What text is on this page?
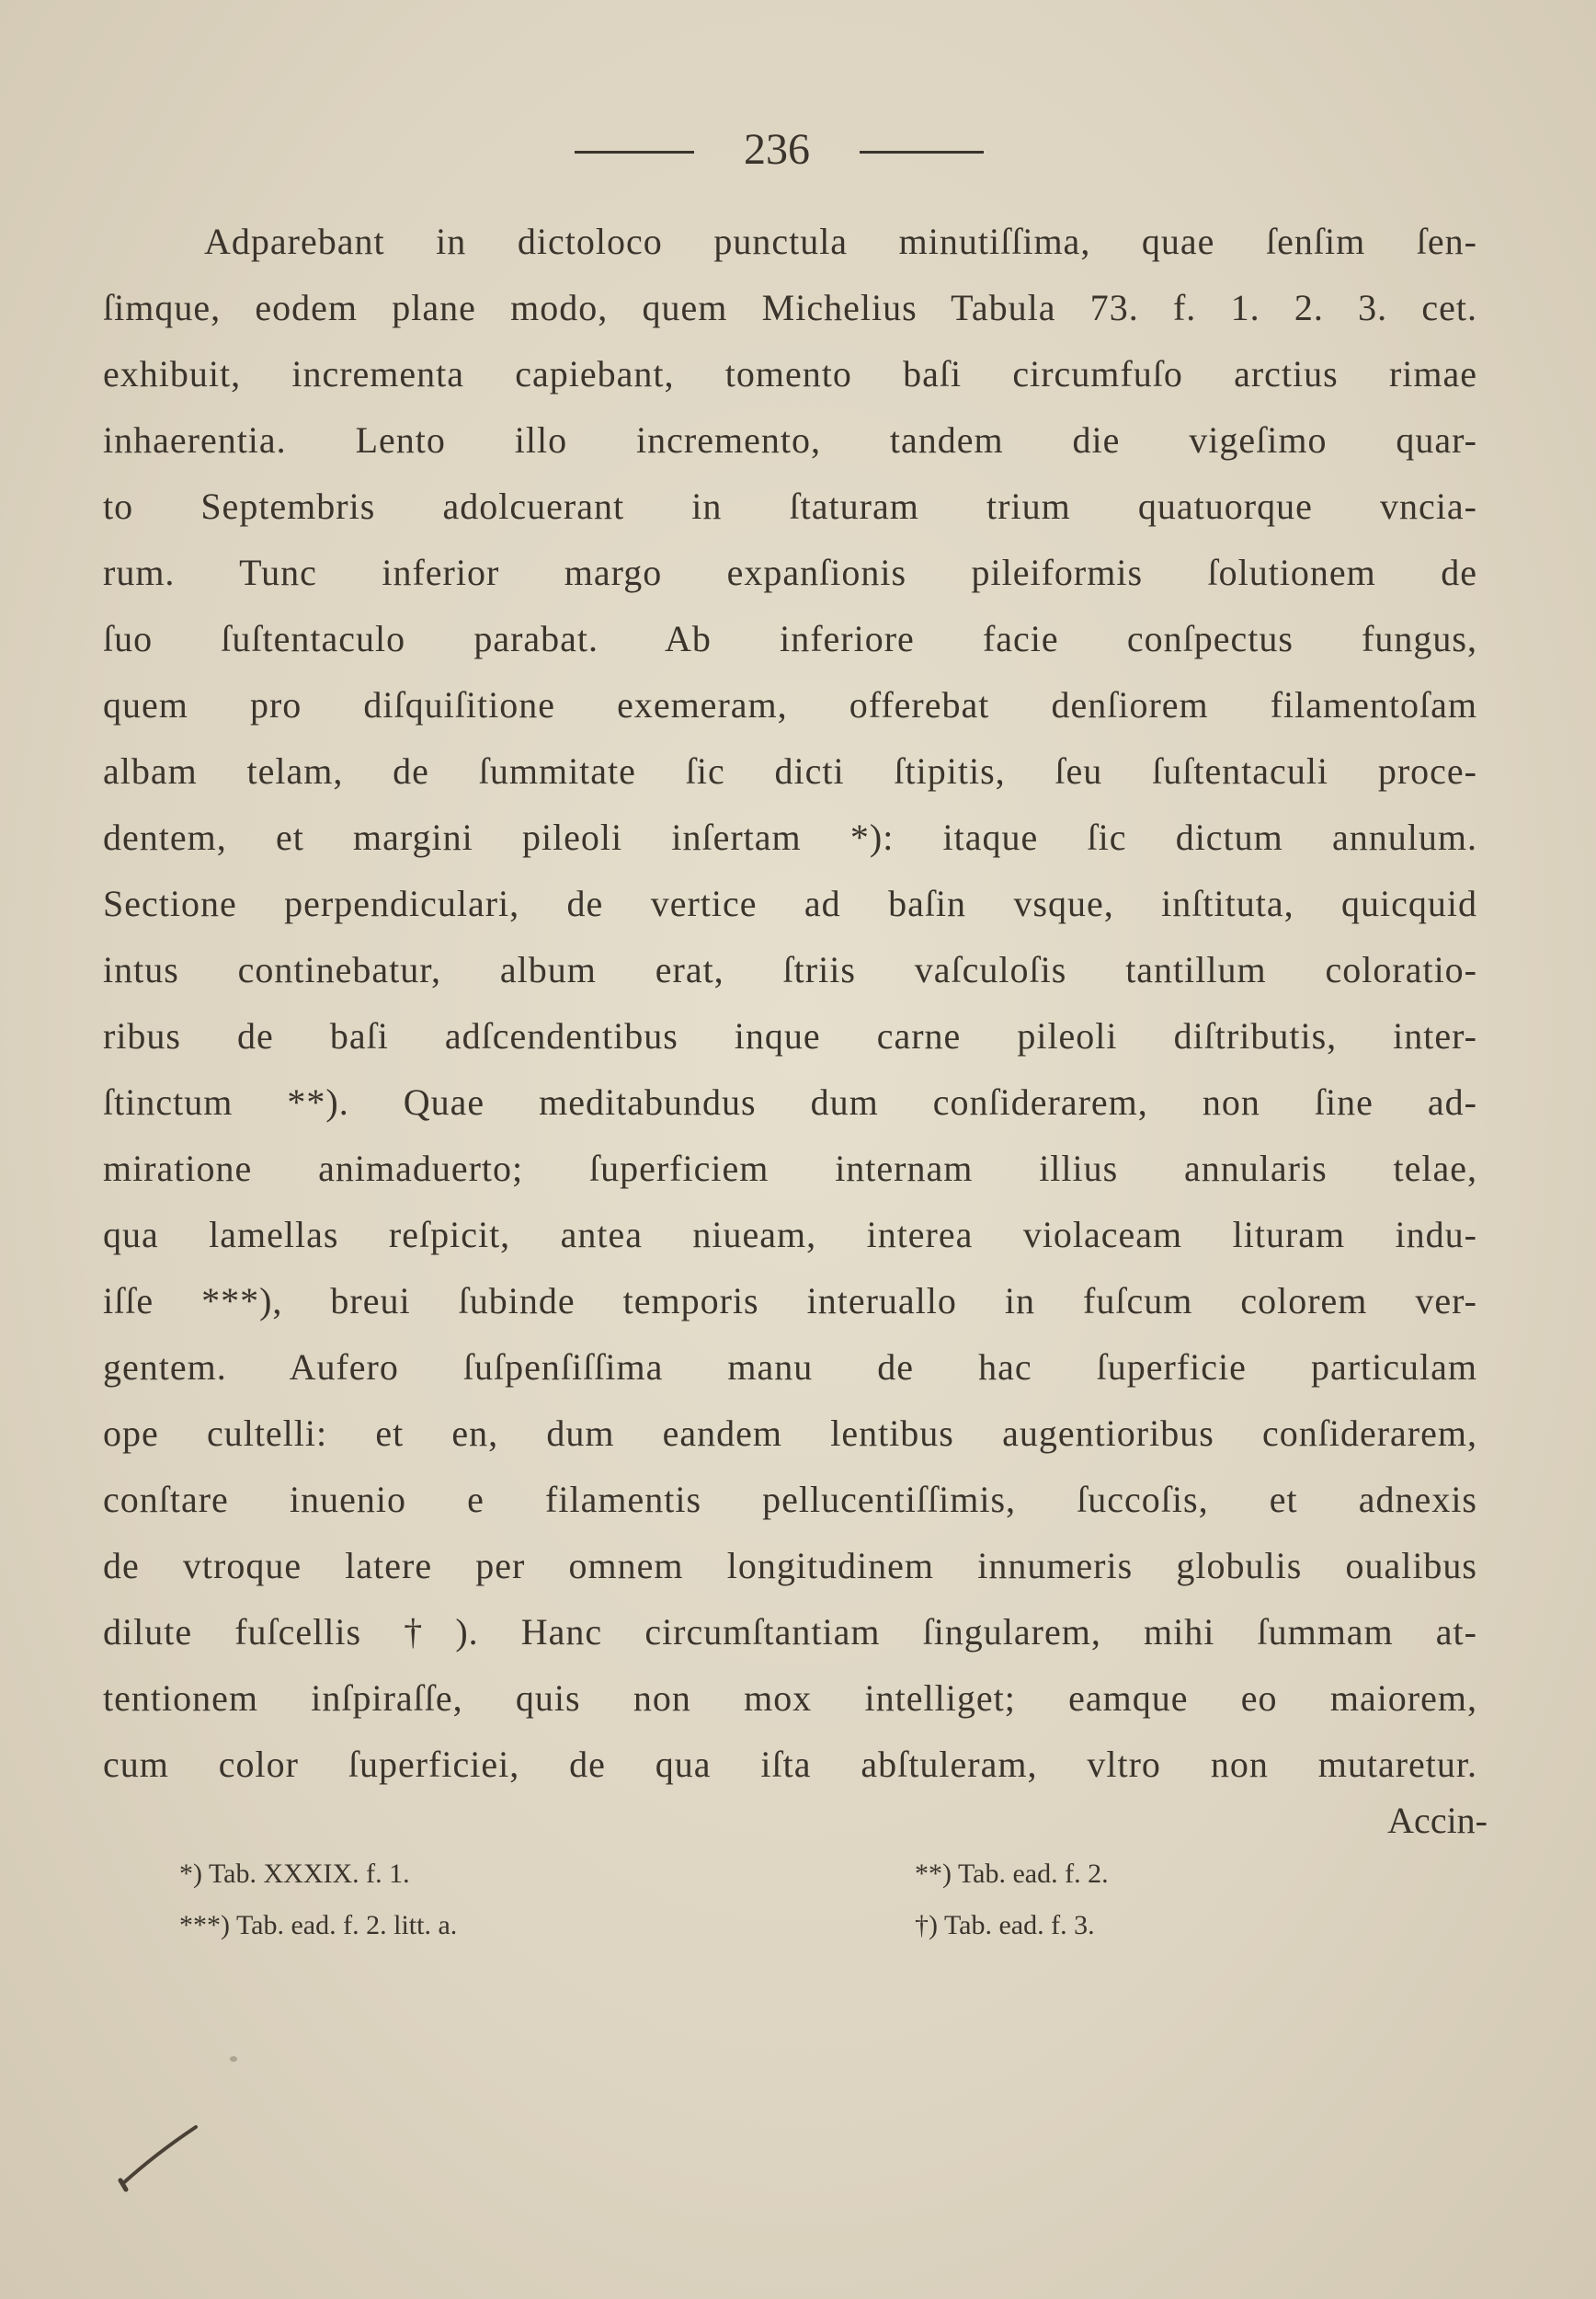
236
Adparebant in dictoloco punctula minutiſſima, quae ſenſim ſen-
ſimque, eodem plane modo, quem Michelius Tabula 73. f. 1. 2. 3. cet.
exhibuit, incrementa capiebant, tomento baſi circumfuſo arctius rimae
inhaerentia. Lento illo incremento, tandem die vigeſimo quar-
to Septembris adolcuerant in ſtaturam trium quatuorque vncia-
rum. Tunc inferior margo expanſionis pileiformis ſolutionem de
ſuo ſuſtentaculo parabat. Ab inferiore facie conſpectus fungus,
quem pro diſquiſitione exemeram, offerebat denſiorem filamentoſam
albam telam, de ſummitate ſic dicti ſtipitis, ſeu ſuſtentaculi proce-
dentem, et margini pileoli inſertam *): itaque ſic dictum annulum.
Sectione perpendiculari, de vertice ad baſin vsque, inſtituta, quicquid
intus continebatur, album erat, ſtriis vaſculoſis tantillum coloratio-
ribus de baſi adſcendentibus inque carne pileoli diſtributis, inter-
ſtinctum **). Quae meditabundus dum conſiderarem, non ſine ad-
miratione animaduerto; ſuperficiem internam illius annularis telae,
qua lamellas reſpicit, antea niueam, interea violaceam lituram indu-
iſſe ***), breui ſubinde temporis interuallo in fuſcum colorem ver-
gentem. Aufero ſuſpenſiſſima manu de hac ſuperficie particulam
ope cultelli: et en, dum eandem lentibus augentioribus conſiderarem,
conſtare inuenio e filamentis pellucentiſſimis, ſuccoſis, et adnexis
de vtroque latere per omnem longitudinem innumeris globulis oualibus
dilute fuſcellis †). Hanc circumſtantiam ſingularem, mihi ſummam at-
tentionem inſpiraſſe, quis non mox intelliget; eamque eo maiorem,
cum color ſuperficiei, de qua iſta abſtuleram, vltro non mutaretur.
Accin-
*) Tab. XXXIX. f. 1.	**) Tab. ead. f. 2.
***) Tab. ead. f. 2. litt. a.	†) Tab. ead. f. 3.
